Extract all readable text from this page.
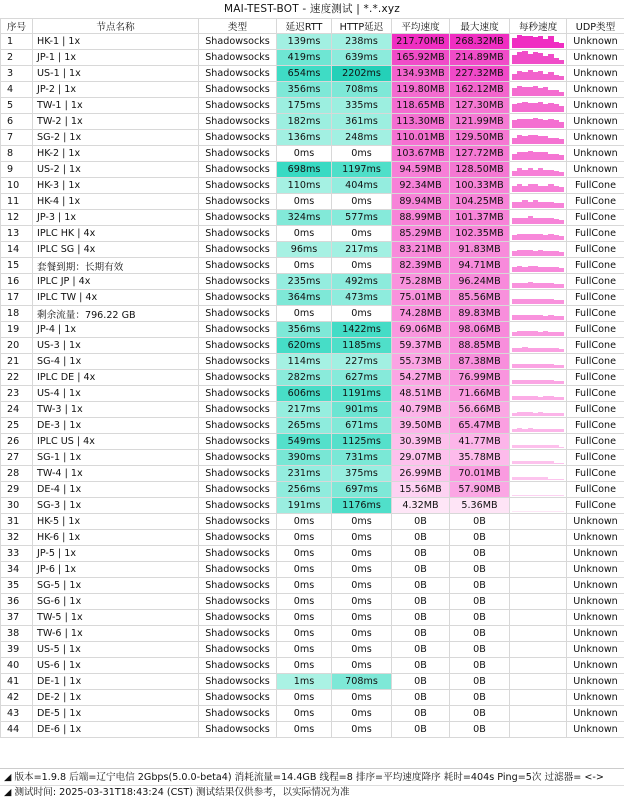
MAI-TEST-BOT - 速度测试 | *.*.xyz
序号	节点名称	类型	延迟RTT	HTTP延迟	平均速度	最大速度	每秒速度	UDP类型
1	HK-1 | 1x	Shadowsocks	139ms	238ms	217.70MB	268.32MB		Unknown
2	JP-1 | 1x	Shadowsocks	419ms	639ms	165.92MB	214.89MB		Unknown
3	US-1 | 1x	Shadowsocks	654ms	2202ms	134.93MB	227.32MB		Unknown
4	JP-2 | 1x	Shadowsocks	356ms	708ms	119.80MB	162.12MB		Unknown
5	TW-1 | 1x	Shadowsocks	175ms	335ms	118.65MB	127.30MB		Unknown
6	TW-2 | 1x	Shadowsocks	182ms	361ms	113.30MB	121.99MB		Unknown
7	SG-2 | 1x	Shadowsocks	136ms	248ms	110.01MB	129.50MB		Unknown
8	HK-2 | 1x	Shadowsocks	0ms	0ms	103.67MB	127.72MB		Unknown
9	US-2 | 1x	Shadowsocks	698ms	1197ms	94.59MB	128.50MB		Unknown
10	HK-3 | 1x	Shadowsocks	110ms	404ms	92.34MB	100.33MB		FullCone
11	HK-4 | 1x	Shadowsocks	0ms	0ms	89.94MB	104.25MB		FullCone
12	JP-3 | 1x	Shadowsocks	324ms	577ms	88.99MB	101.37MB		FullCone
13	IPLC HK | 4x	Shadowsocks	0ms	0ms	85.29MB	102.35MB		FullCone
14	IPLC SG | 4x	Shadowsocks	96ms	217ms	83.21MB	91.83MB		FullCone
15	套餐到期：长期有效	Shadowsocks	0ms	0ms	82.39MB	94.71MB		FullCone
16	IPLC JP | 4x	Shadowsocks	235ms	492ms	75.28MB	96.24MB		FullCone
17	IPLC TW | 4x	Shadowsocks	364ms	473ms	75.01MB	85.56MB		FullCone
18	剩余流量：796.22 GB	Shadowsocks	0ms	0ms	74.28MB	89.83MB		FullCone
19	JP-4 | 1x	Shadowsocks	356ms	1422ms	69.06MB	98.06MB		FullCone
20	US-3 | 1x	Shadowsocks	620ms	1185ms	59.37MB	88.85MB		FullCone
21	SG-4 | 1x	Shadowsocks	114ms	227ms	55.73MB	87.38MB		FullCone
22	IPLC DE | 4x	Shadowsocks	282ms	627ms	54.27MB	76.99MB		FullCone
23	US-4 | 1x	Shadowsocks	606ms	1191ms	48.51MB	71.66MB		FullCone
24	TW-3 | 1x	Shadowsocks	217ms	901ms	40.79MB	56.66MB		FullCone
25	DE-3 | 1x	Shadowsocks	265ms	671ms	39.50MB	65.47MB		FullCone
26	IPLC US | 4x	Shadowsocks	549ms	1125ms	30.39MB	41.77MB		FullCone
27	SG-1 | 1x	Shadowsocks	390ms	731ms	29.07MB	35.78MB		FullCone
28	TW-4 | 1x	Shadowsocks	231ms	375ms	26.99MB	70.01MB		FullCone
29	DE-4 | 1x	Shadowsocks	256ms	697ms	15.56MB	57.90MB		FullCone
30	SG-3 | 1x	Shadowsocks	191ms	1176ms	4.32MB	5.36MB		FullCone
31	HK-5 | 1x	Shadowsocks	0ms	0ms	0B	0B		Unknown
32	HK-6 | 1x	Shadowsocks	0ms	0ms	0B	0B		Unknown
33	JP-5 | 1x	Shadowsocks	0ms	0ms	0B	0B		Unknown
34	JP-6 | 1x	Shadowsocks	0ms	0ms	0B	0B		Unknown
35	SG-5 | 1x	Shadowsocks	0ms	0ms	0B	0B		Unknown
36	SG-6 | 1x	Shadowsocks	0ms	0ms	0B	0B		Unknown
37	TW-5 | 1x	Shadowsocks	0ms	0ms	0B	0B		Unknown
38	TW-6 | 1x	Shadowsocks	0ms	0ms	0B	0B		Unknown
39	US-5 | 1x	Shadowsocks	0ms	0ms	0B	0B		Unknown
40	US-6 | 1x	Shadowsocks	0ms	0ms	0B	0B		Unknown
41	DE-1 | 1x	Shadowsocks	1ms	708ms	0B	0B		Unknown
42	DE-2 | 1x	Shadowsocks	0ms	0ms	0B	0B		Unknown
43	DE-5 | 1x	Shadowsocks	0ms	0ms	0B	0B		Unknown
44	DE-6 | 1x	Shadowsocks	0ms	0ms	0B	0B		Unknown
◢ 版本=1.9.8 后端=辽宁电信 2Gbps(5.0.0-beta4) 消耗流量=14.4GB 线程=8 排序=平均速度降序 耗时=404s Ping=5次 过滤器= <->
◢ 测试时间: 2025-03-31T18:43:24 (CST) 测试结果仅供参考，以实际情况为准
